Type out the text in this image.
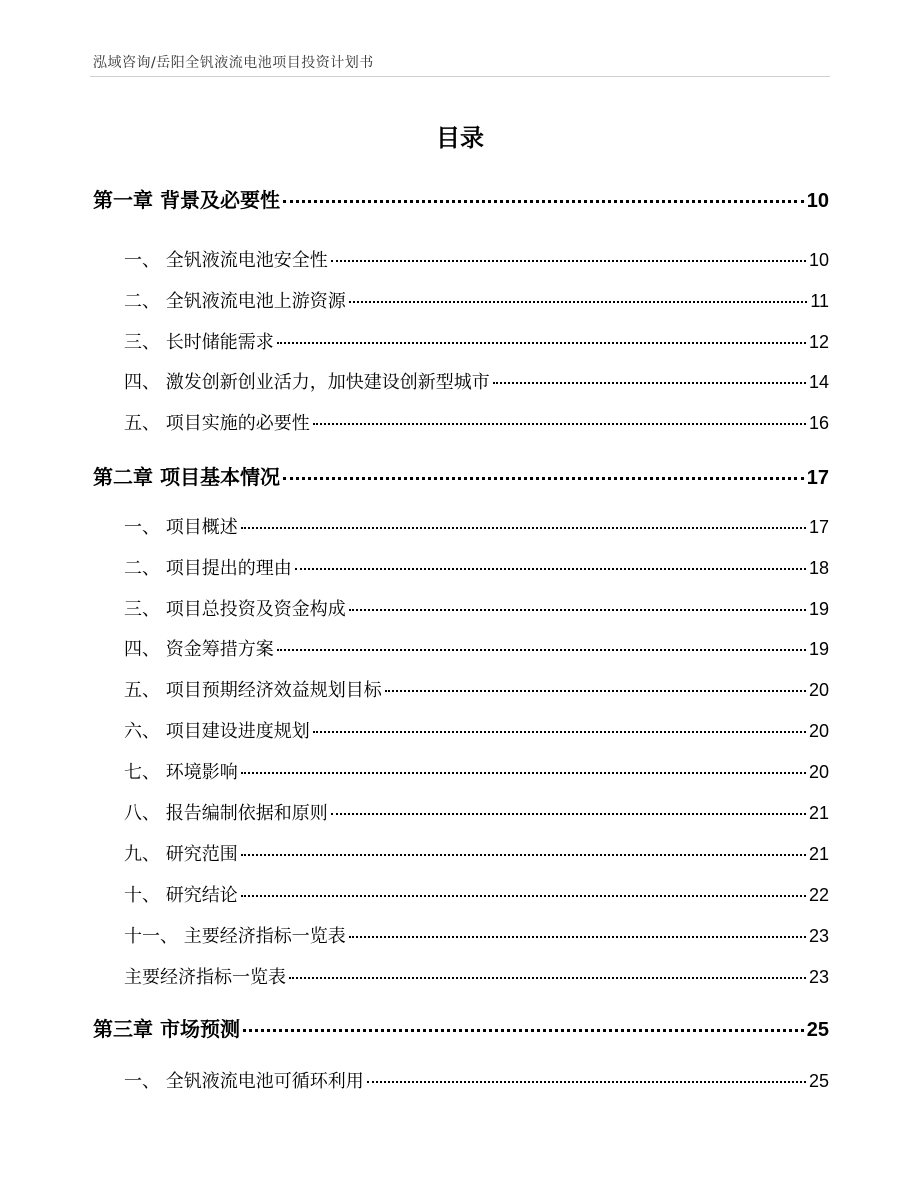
泓域咨询/岳阳全钒液流电池项目投资计划书
目录
第一章 背景及必要性	10
一、 全钒液流电池安全性	10
二、 全钒液流电池上游资源	11
三、 长时储能需求	12
四、 激发创新创业活力，加快建设创新型城市	14
五、 项目实施的必要性	16
第二章 项目基本情况	17
一、 项目概述	17
二、 项目提出的理由	18
三、 项目总投资及资金构成	19
四、 资金筹措方案	19
五、 项目预期经济效益规划目标	20
六、 项目建设进度规划	20
七、 环境影响	20
八、 报告编制依据和原则	21
九、 研究范围	21
十、 研究结论	22
十一、 主要经济指标一览表	23
主要经济指标一览表	23
第三章 市场预测	25
一、 全钒液流电池可循环利用	25
